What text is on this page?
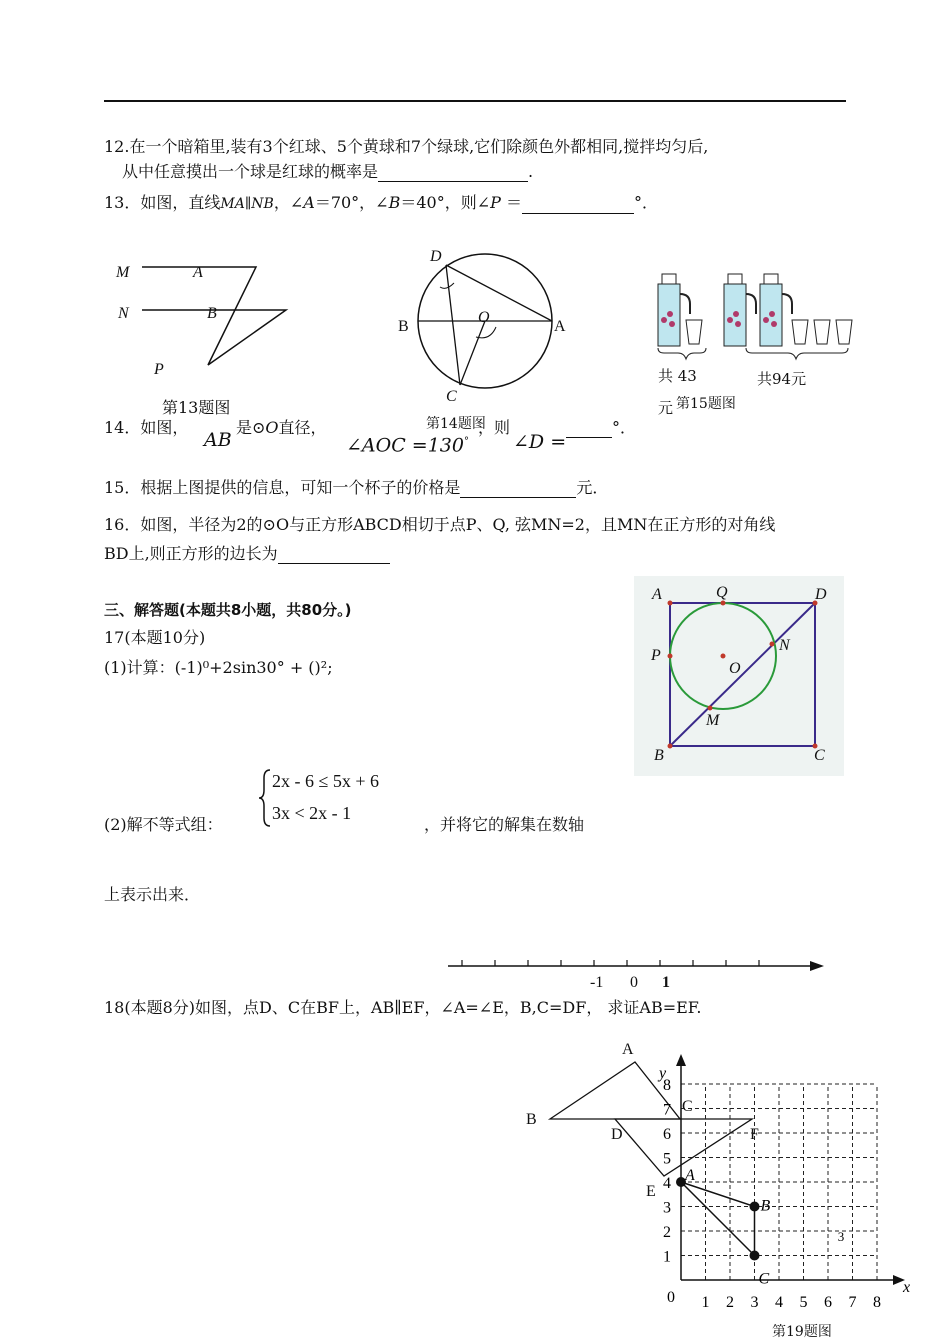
12.在一个暗箱里,装有3个红球、5个黄球和7个绿球,它们除颜色外都相同,搅拌均匀后,
从中任意摸出一个球是红球的概率是	.
13．如图，直线MA∥NB，∠A＝70°，∠B＝40°，则∠P ＝	°．
M	A
N	B
P
第13题图
D
B
O
A
C
第14题图
共 43	共94元
元 第15题图
14．如图，
AB
是⊙O直径，
∠AOC =130°
，则
∠D =
°．
15．根据上图提供的信息，可知一个杯子的价格是	元．
16．如图，半径为2的⊙O与正方形ABCD相切于点P、Q, 弦MN=2，且MN在正方形的对角线
BD上,则正方形的边长为
A	Q	D
P
N
O
M
B	C
三、解答题(本题共8小题，共80分。)
17(本题10分)
(1)计算：(-1)⁰+2sin30° + ()²;
2x - 6 ≤ 5x + 6
3x < 2x - 1
(2)解不等式组：	，并将它的解集在数轴
上表示出来．
-1 0 1
18(本题8分)如图，点D、C在BF上，AB∥EF，∠A=∠E，B,C=DF， 求证AB=EF.
A
B
D
C
F
E
x
y
0 1 2 3 4 5 6 7 8
1
2
3
4
5
6
7
8
A
B
C
3
第19题图
